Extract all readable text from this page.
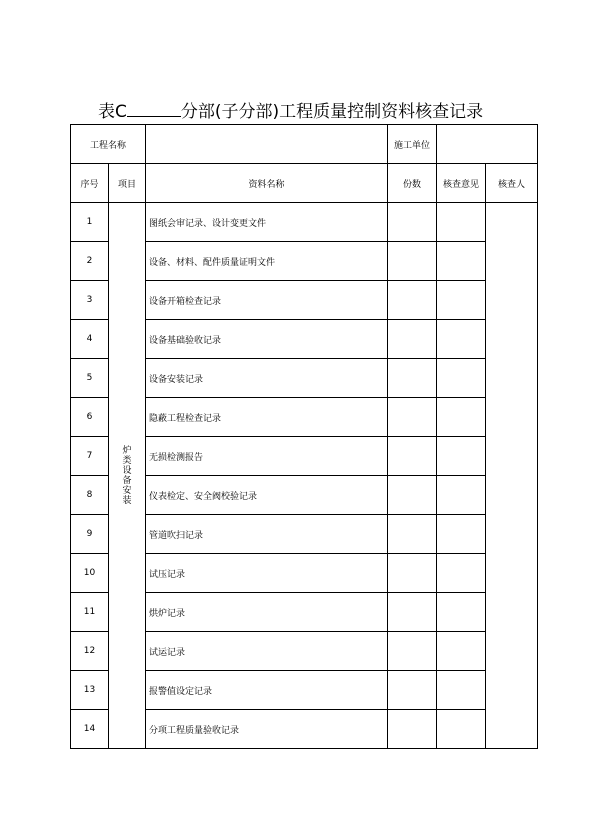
表C	分部(子分部)工程质量控制资料核查记录
工程名称			施工单位		
序号	项目	资料名称	份数	核查意见	核查人
1	炉类设备安装	图纸会审记录、设计变更文件			
2		设备、材料、配件质量证明文件			
3		设备开箱检查记录			
4		设备基础验收记录			
5		设备安装记录			
6		隐蔽工程检查记录			
7		无损检测报告			
8		仪表检定、安全阀校验记录			
9		管道吹扫记录			
10		试压记录			
11		烘炉记录			
12		试运记录			
13		报警值设定记录			
14		分项工程质量验收记录			
